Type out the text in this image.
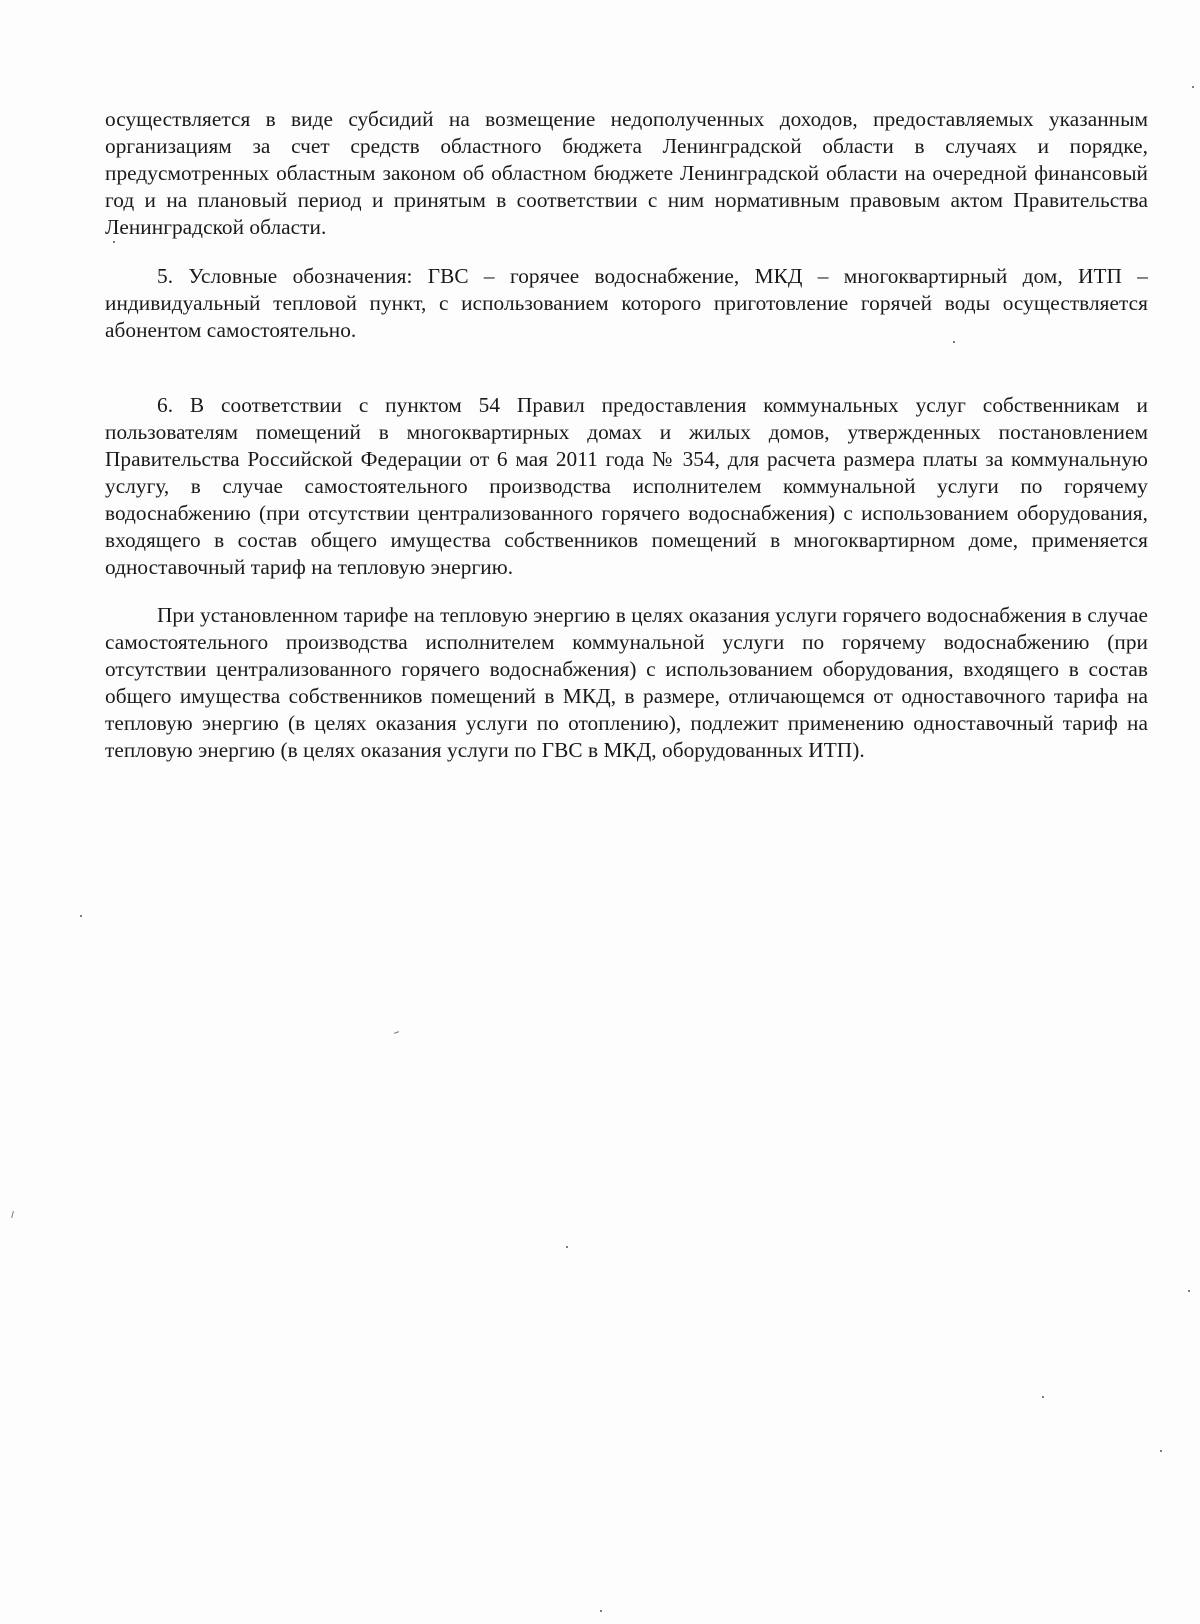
осуществляется в виде субсидий на возмещение недополученных доходов, предоставляемых указанным организациям за счет средств областного бюджета Ленинградской области в случаях и порядке, предусмотренных областным законом об областном бюджете Ленинградской области на очередной финансовый год и на плановый период и принятым в соответствии с ним нормативным правовым актом Правительства Ленинградской области.

5. Условные обозначения: ГВС – горячее водоснабжение, МКД – многоквартирный дом, ИТП – индивидуальный тепловой пункт, с использованием которого приготовление горячей воды осуществляется абонентом самостоятельно.

6. В соответствии с пунктом 54 Правил предоставления коммунальных услуг собственникам и пользователям помещений в многоквартирных домах и жилых домов, утвержденных постановлением Правительства Российской Федерации от 6 мая 2011 года № 354, для расчета размера платы за коммунальную услугу, в случае самостоятельного производства исполнителем коммунальной услуги по горячему водоснабжению (при отсутствии централизованного горячего водоснабжения) с использованием оборудования, входящего в состав общего имущества собственников помещений в многоквартирном доме, применяется одноставочный тариф на тепловую энергию.

При установленном тарифе на тепловую энергию в целях оказания услуги горячего водоснабжения в случае самостоятельного производства исполнителем коммунальной услуги по горячему водоснабжению (при отсутствии централизованного горячего водоснабжения) с использованием оборудования, входящего в состав общего имущества собственников помещений в МКД, в размере, отличающемся от одноставочного тарифа на тепловую энергию (в целях оказания услуги по отоплению), подлежит применению одноставочный тариф на тепловую энергию (в целях оказания услуги по ГВС в МКД, оборудованных ИТП).
